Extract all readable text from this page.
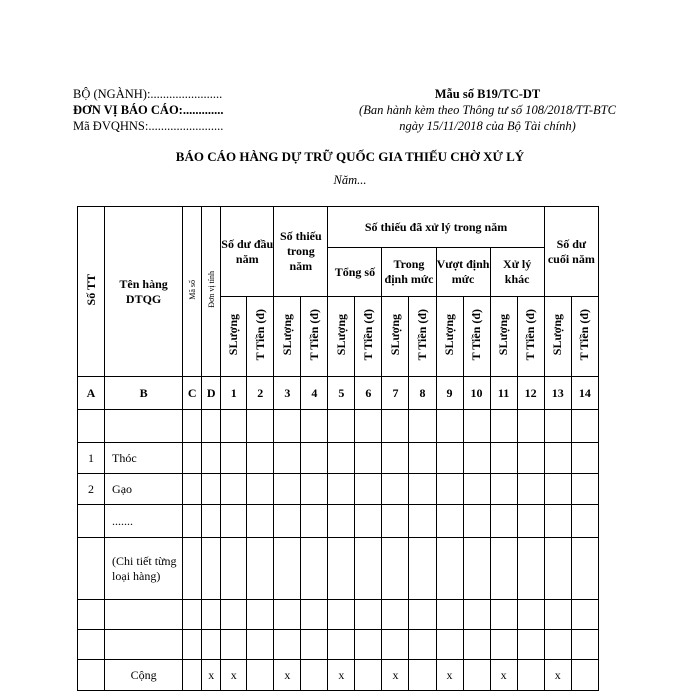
BỘ (NGÀNH):.......................
ĐƠN VỊ BÁO CÁO:.............
Mã ĐVQHNS:........................
Mẫu số B19/TC-DT
(Ban hành kèm theo Thông tư số 108/2018/TT-BTC
ngày 15/11/2018 của Bộ Tài chính)
BÁO CÁO HÀNG DỰ TRỮ QUỐC GIA THIẾU CHỜ XỬ LÝ
Năm...
Số TT	Tên hàng DTQG	Mã số	Đơn vị tính	Số dư đầu năm		Số thiếu trong năm		Số thiếu đã xử lý trong năm								Số dư cuối năm	
								Tổng số		Trong định mức		Vượt định mức		Xử lý khác			
				SLượng	T Tiền (đ)	SLượng	T Tiền (đ)	SLượng	T Tiền (đ)	SLượng	T Tiền (đ)	SLượng	T Tiền (đ)	SLượng	T Tiền (đ)	SLượng	T Tiền (đ)
A	B	C	D	1	2	3	4	5	6	7	8	9	10	11	12	13	14

1	Thóc																
2	Gạo																
	.......																
	(Chi tiết từng loại hàng)																

	Cộng		x	x		x		x		x		x		x		x	
